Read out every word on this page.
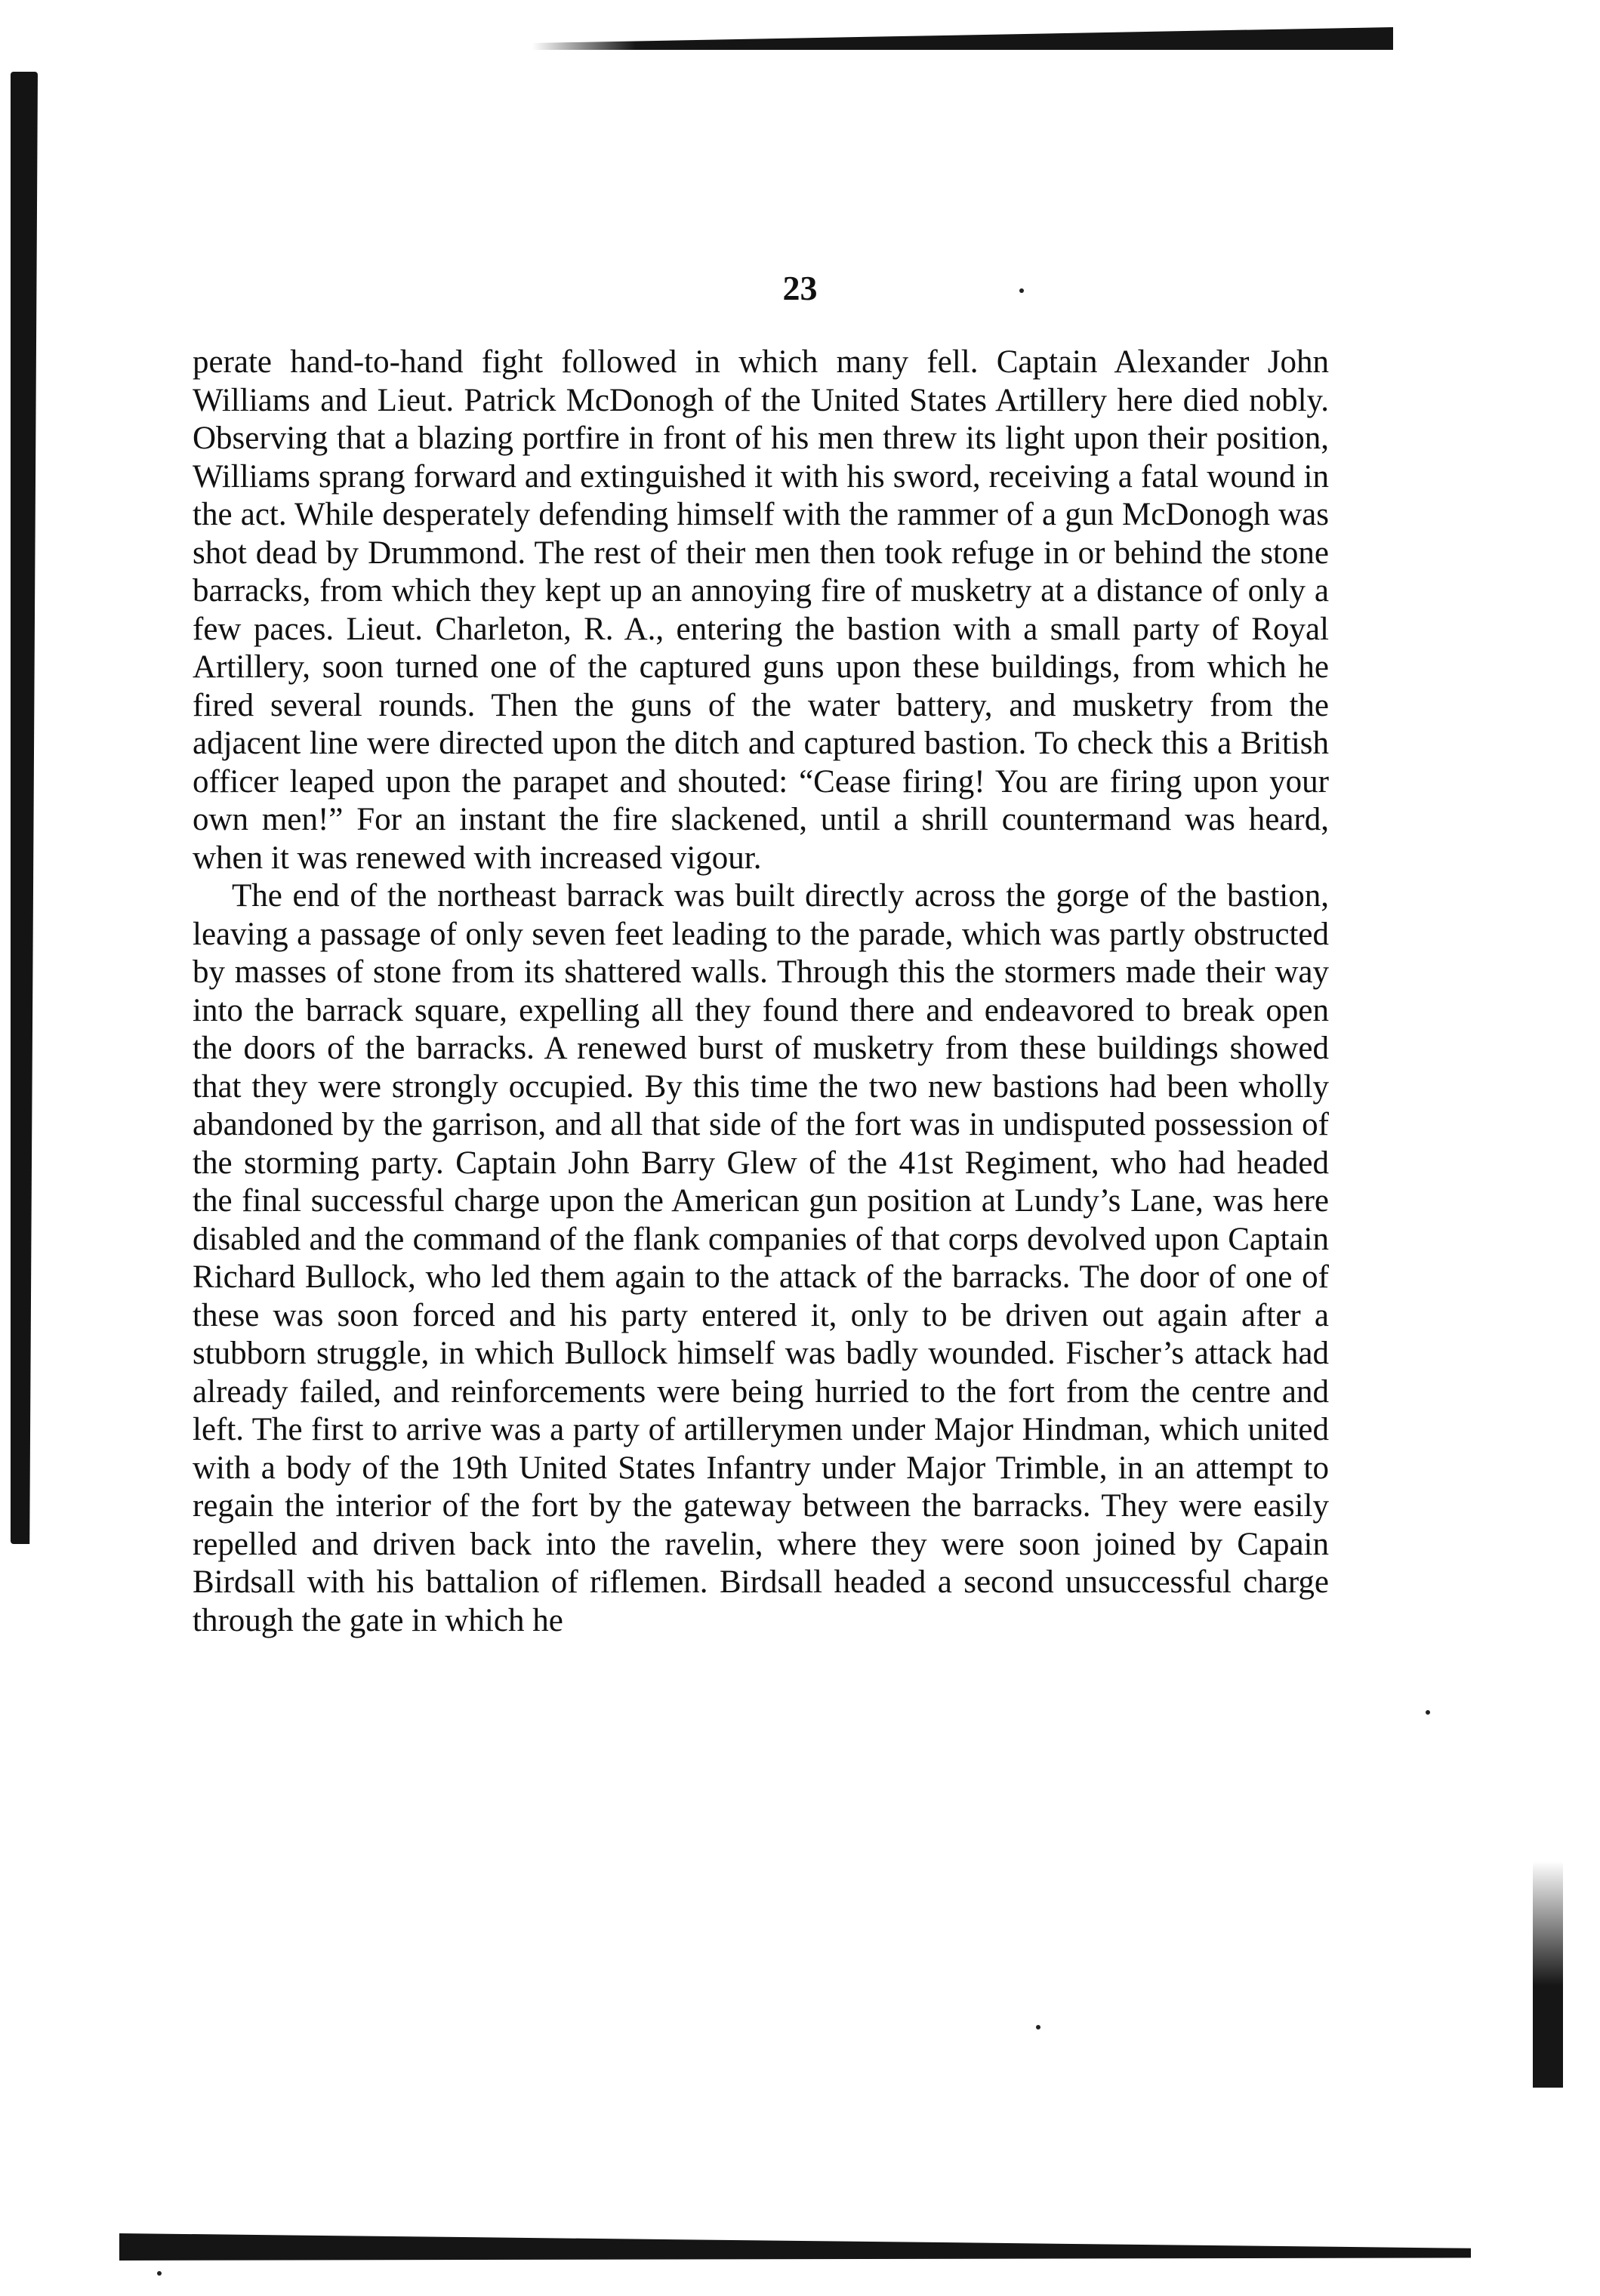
23

perate hand-to-hand fight followed in which many fell. Captain Alexander John Williams and Lieut. Patrick McDonogh of the United States Artillery here died nobly. Observing that a blazing portfire in front of his men threw its light upon their position, Williams sprang forward and extinguished it with his sword, receiving a fatal wound in the act. While desperately defending himself with the rammer of a gun McDonogh was shot dead by Drummond. The rest of their men then took refuge in or behind the stone barracks, from which they kept up an annoying fire of musketry at a distance of only a few paces. Lieut. Charleton, R. A., entering the bastion with a small party of Royal Artillery, soon turned one of the captured guns upon these buildings, from which he fired several rounds. Then the guns of the water battery, and musketry from the adjacent line were directed upon the ditch and captured bastion. To check this a British officer leaped upon the parapet and shouted: “Cease firing! You are firing upon your own men!” For an instant the fire slackened, until a shrill countermand was heard, when it was renewed with increased vigour.

The end of the northeast barrack was built directly across the gorge of the bastion, leaving a passage of only seven feet leading to the parade, which was partly obstructed by masses of stone from its shattered walls. Through this the stormers made their way into the barrack square, expelling all they found there and endeavored to break open the doors of the barracks. A renewed burst of musketry from these buildings showed that they were strongly occupied. By this time the two new bastions had been wholly abandoned by the garrison, and all that side of the fort was in undisputed possession of the storming party. Captain John Barry Glew of the 41st Regiment, who had headed the final successful charge upon the American gun position at Lundy’s Lane, was here disabled and the command of the flank companies of that corps devolved upon Captain Richard Bullock, who led them again to the attack of the barracks. The door of one of these was soon forced and his party entered it, only to be driven out again after a stubborn struggle, in which Bullock himself was badly wounded. Fischer’s attack had already failed, and reinforcements were being hurried to the fort from the centre and left. The first to arrive was a party of artillerymen under Major Hindman, which united with a body of the 19th United States Infantry under Major Trimble, in an attempt to regain the interior of the fort by the gateway between the barracks. They were easily repelled and driven back into the ravelin, where they were soon joined by Capain Birdsall with his battalion of riflemen. Birdsall headed a second unsuccessful charge through the gate in which he
